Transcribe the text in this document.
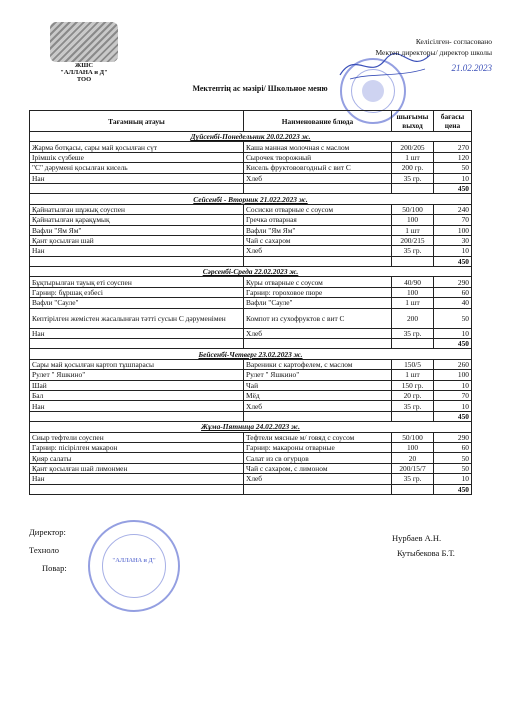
ЖШС
"АЛЛАНА и Д"
ТОО
Келісілген- согласовано
Мектеп директоры/ директор школы
21.02.2023
Мектептің ас мәзірі/ Школьное меню
Тағамның атауы	Наименование блюда	шығымы выход	бағасы цена
Дүйсенбі-Понедельник 20.02.2023 ж.			
Жарма ботқасы, сары май қосылған сүт	Каша манная молочная с маслом	200/205	270
Ірімшік сүзбеше	Сырочек творожный	1 шт	120
"С" дәрумені қосылған кисель	Кисель фруктововгодный с вит С	200 гр.	50
Нан	Хлеб	35 гр.	10
			450
Сейсенбі - Вторник 21.022.2023 ж.			
Қайнатылған шұжық соуспен	Сосиски отварные с соусом	50/100	240
Қайнатылған қарақұмық	Гречка отварная	100	70
Вафли "Ям Ям"	Вафли "Ям Ям"	1 шт	100
Қант қосылған шай	Чай с сахаром	200/215	30
Нан	Хлеб	35 гр.	10
			450
Сәрсенбі-Среда 22.02.2023 ж.			
Бұқтырылған тауық еті соуспен	Куры отварные с соусом	40/90	290
Гарнир: бұршақ езбесі	Гарнир: гороховое пюре	100	60
Вафли "Сауле"	Вафли "Сауле"	1 шт	40
Кептірілген жемістен жасалынған тәтті сусын С дәруменімен	Компот из сухофруктов с вит С	200	50
Нан	Хлеб	35 гр.	10
			450
Бейсенбі-Четверг 23.02.2023 ж.			
Сары май қосылған картоп тұшпарасы	Вареники с картофелем, с маслом	150/5	260
Рулет " Яшкино"	Рулет " Яшкино"	1 шт	100
Шай	Чай	150 гр.	10
Бал	Мёд	20 гр.	70
Нан	Хлеб	35 гр.	10
			450
Жұма-Пятница 24.02.2023 ж.			
Сиыр тефтели соуспен	Тефтели мясные м/ говяд с соусом	50/100	290
Гарнир: пісірілген макарон	Гарнир: макароны отварные	100	60
Қияр салаты	Салат из св огурцов	20	50
Қант қосылған шай лимонмен	Чай с сахаром, с лимоном	200/15/7	50
Нан	Хлеб	35 гр.	10
			450
"АЛЛАНА и Д"
Директор:
Нурбаев А.Н.
Техноло	Кутыбекова Б.Т.
Повар:
